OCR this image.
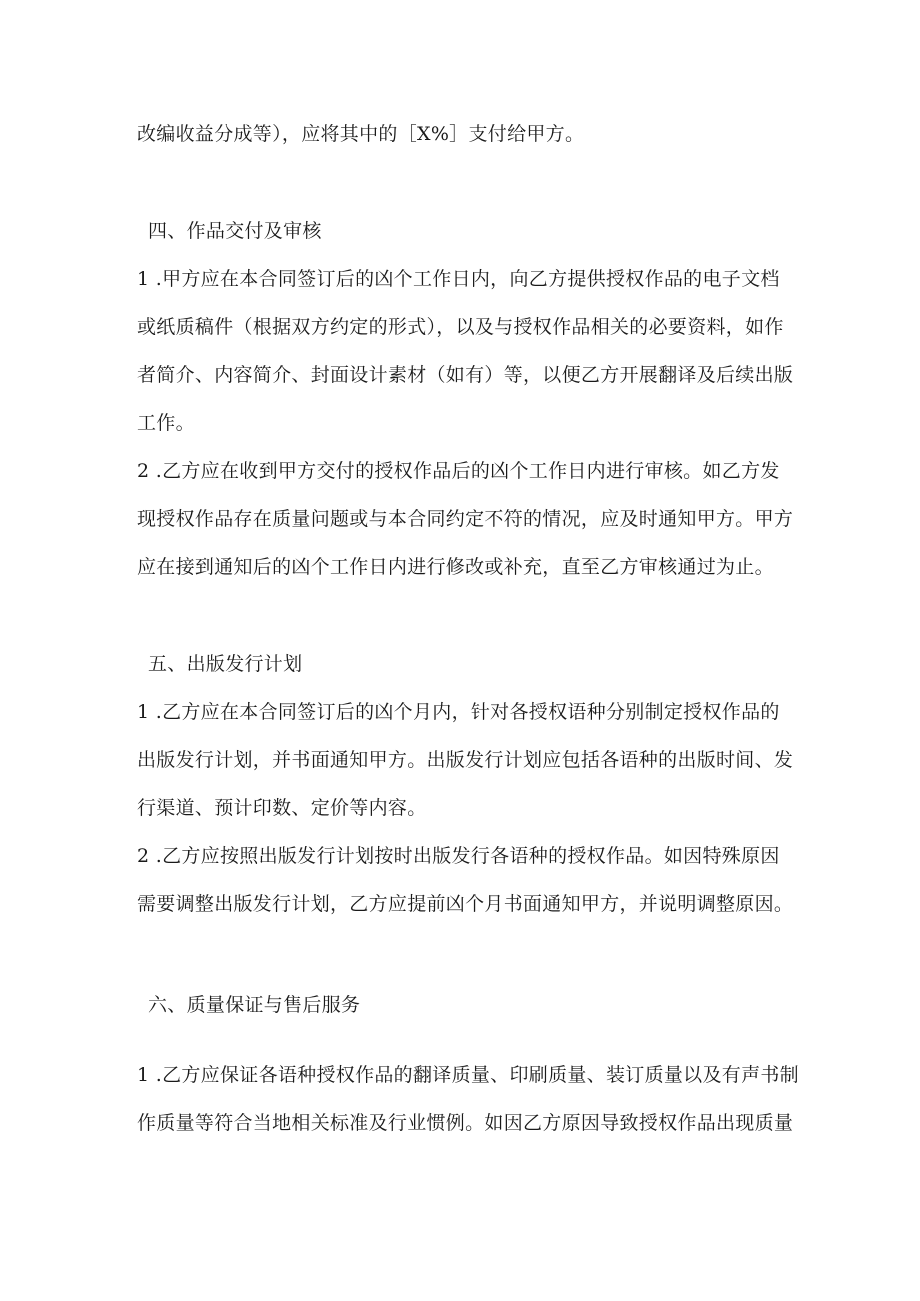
改编收益分成等），应将其中的［X%］支付给甲方。
四、作品交付及审核
1 .甲方应在本合同签订后的凶个工作日内，向乙方提供授权作品的电子文档
或纸质稿件（根据双方约定的形式），以及与授权作品相关的必要资料，如作
者简介、内容简介、封面设计素材（如有）等，以便乙方开展翻译及后续出版
工作。
2 .乙方应在收到甲方交付的授权作品后的凶个工作日内进行审核。如乙方发
现授权作品存在质量问题或与本合同约定不符的情况，应及时通知甲方。甲方
应在接到通知后的凶个工作日内进行修改或补充，直至乙方审核通过为止。
五、出版发行计划
1 .乙方应在本合同签订后的凶个月内，针对各授权语种分别制定授权作品的
出版发行计划，并书面通知甲方。出版发行计划应包括各语种的出版时间、发
行渠道、预计印数、定价等内容。
2 .乙方应按照出版发行计划按时出版发行各语种的授权作品。如因特殊原因
需要调整出版发行计划，乙方应提前凶个月书面通知甲方，并说明调整原因。
六、质量保证与售后服务
1 .乙方应保证各语种授权作品的翻译质量、印刷质量、装订质量以及有声书制
作质量等符合当地相关标准及行业惯例。如因乙方原因导致授权作品出现质量
